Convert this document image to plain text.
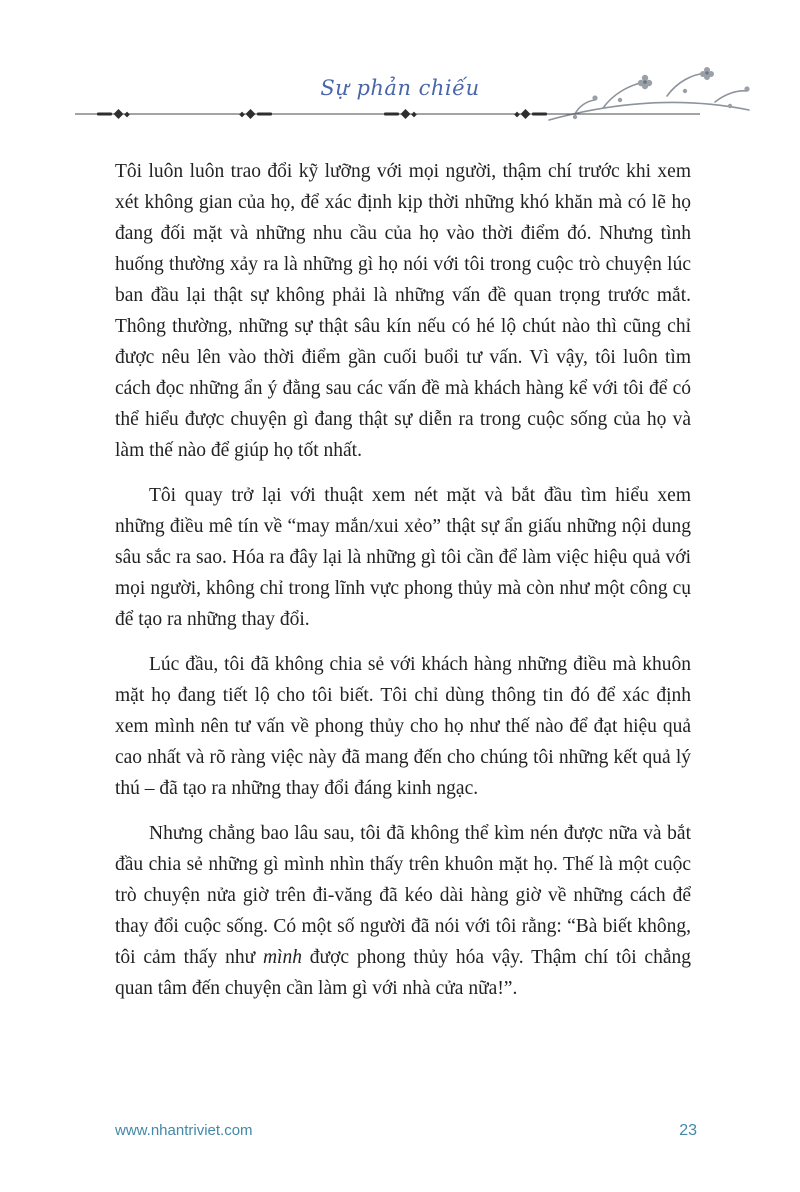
Sự phản chiếu

Tôi luôn luôn trao đổi kỹ lưỡng với mọi người, thậm chí trước khi xem xét không gian của họ, để xác định kịp thời những khó khăn mà có lẽ họ đang đối mặt và những nhu cầu của họ vào thời điểm đó. Nhưng tình huống thường xảy ra là những gì họ nói với tôi trong cuộc trò chuyện lúc ban đầu lại thật sự không phải là những vấn đề quan trọng trước mắt. Thông thường, những sự thật sâu kín nếu có hé lộ chút nào thì cũng chỉ được nêu lên vào thời điểm gần cuối buổi tư vấn. Vì vậy, tôi luôn tìm cách đọc những ẩn ý đằng sau các vấn đề mà khách hàng kể với tôi để có thể hiểu được chuyện gì đang thật sự diễn ra trong cuộc sống của họ và làm thế nào để giúp họ tốt nhất.

Tôi quay trở lại với thuật xem nét mặt và bắt đầu tìm hiểu xem những điều mê tín về “may mắn/xui xẻo” thật sự ẩn giấu những nội dung sâu sắc ra sao. Hóa ra đây lại là những gì tôi cần để làm việc hiệu quả với mọi người, không chỉ trong lĩnh vực phong thủy mà còn như một công cụ để tạo ra những thay đổi.

Lúc đầu, tôi đã không chia sẻ với khách hàng những điều mà khuôn mặt họ đang tiết lộ cho tôi biết. Tôi chỉ dùng thông tin đó để xác định xem mình nên tư vấn về phong thủy cho họ như thế nào để đạt hiệu quả cao nhất và rõ ràng việc này đã mang đến cho chúng tôi những kết quả lý thú – đã tạo ra những thay đổi đáng kinh ngạc.

Nhưng chẳng bao lâu sau, tôi đã không thể kìm nén được nữa và bắt đầu chia sẻ những gì mình nhìn thấy trên khuôn mặt họ. Thế là một cuộc trò chuyện nửa giờ trên đi-văng đã kéo dài hàng giờ về những cách để thay đổi cuộc sống. Có một số người đã nói với tôi rằng: “Bà biết không, tôi cảm thấy như mình được phong thủy hóa vậy. Thậm chí tôi chẳng quan tâm đến chuyện cần làm gì với nhà cửa nữa!”.

www.nhantriviet.com	23
